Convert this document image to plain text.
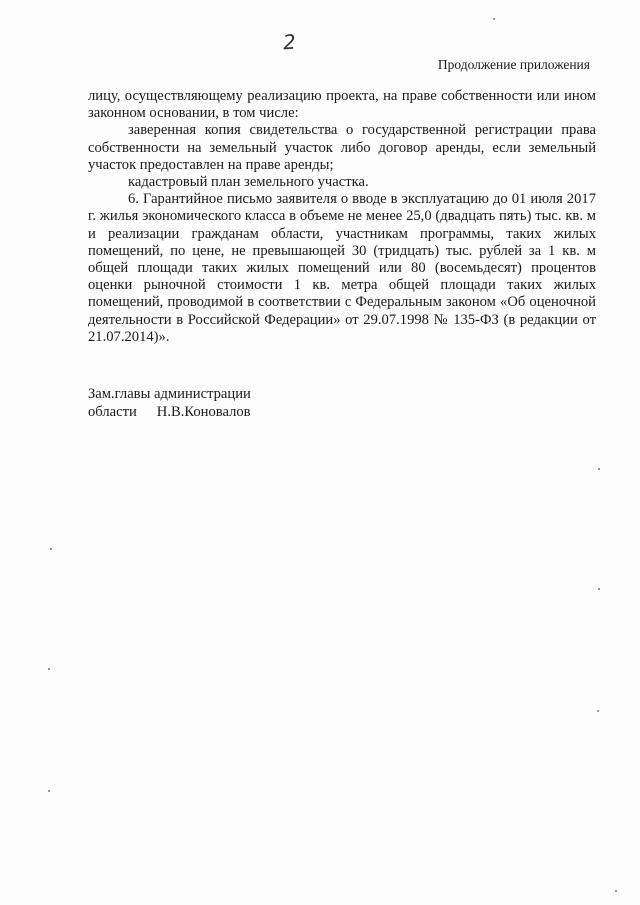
2
Продолжение приложения

лицу, осуществляющему реализацию проекта, на праве собственности или ином законном основании, в том числе:

заверенная копия свидетельства о государственной регистрации права собственности на земельный участок либо договор аренды, если земельный участок предоставлен на праве аренды;

кадастровый план земельного участка.

6. Гарантийное письмо заявителя о вводе в эксплуатацию до 01 июля 2017 г. жилья экономического класса в объеме не менее 25,0 (двадцать пять) тыс. кв. м и реализации гражданам области, участникам программы, таких жилых помещений, по цене, не превышающей 30 (тридцать) тыс. рублей за 1 кв. м общей площади таких жилых помещений или 80 (восемьдесят) процентов оценки рыночной стоимости 1 кв. метра общей площади таких жилых помещений, проводимой в соответствии с Федеральным законом «Об оценочной деятельности в Российской Федерации» от 29.07.1998 № 135-ФЗ (в редакции от 21.07.2014)».

Зам.главы администрации
области Н.В.Коновалов
